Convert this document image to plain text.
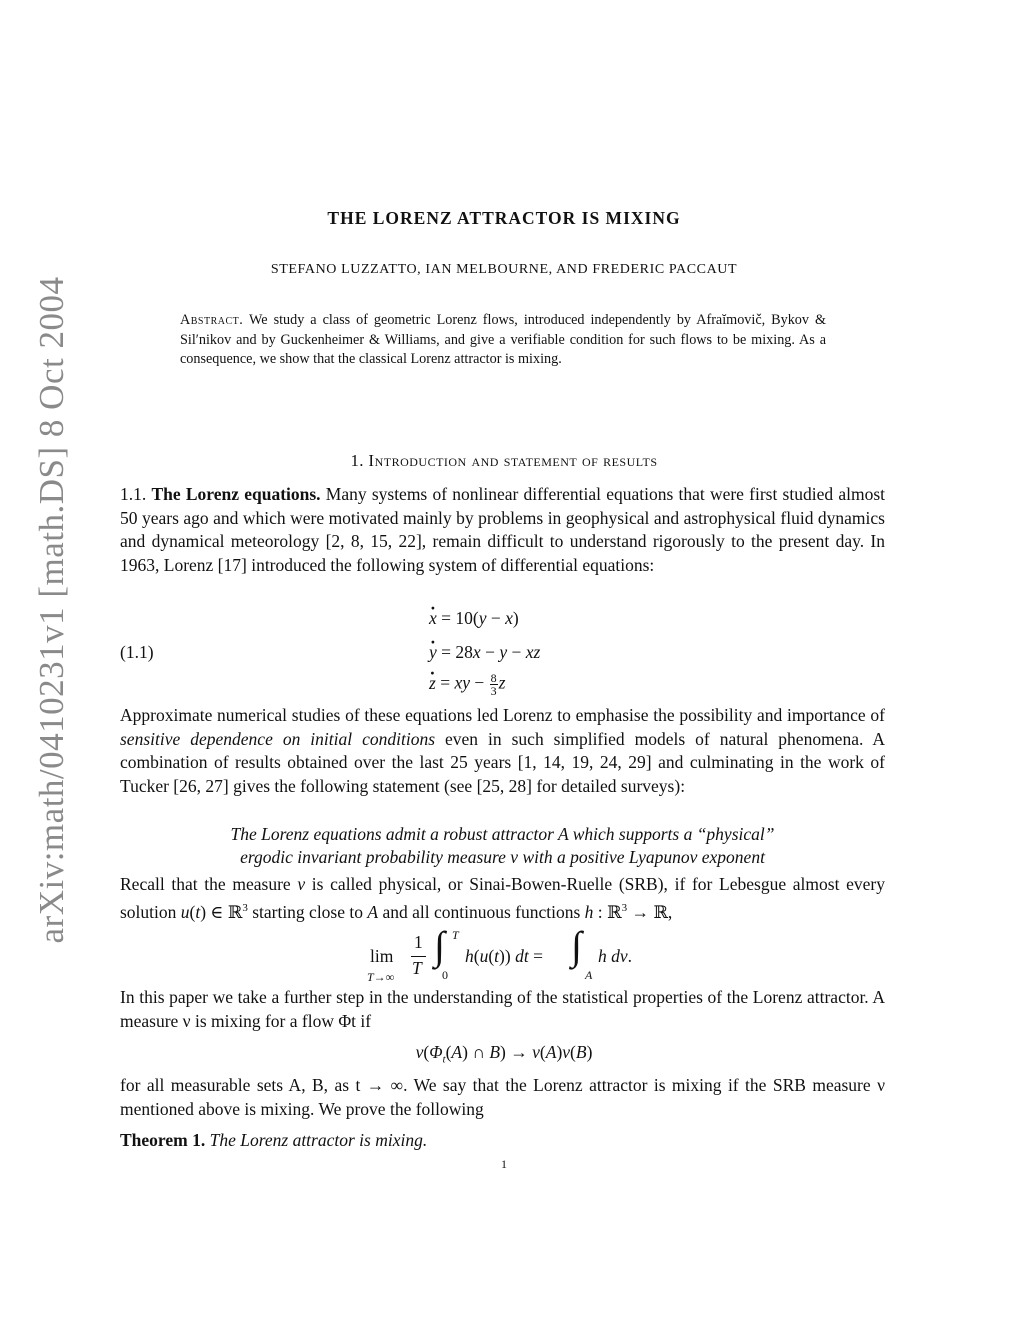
arXiv:math/0410231v1 [math.DS] 8 Oct 2004
THE LORENZ ATTRACTOR IS MIXING
STEFANO LUZZATTO, IAN MELBOURNE, AND FREDERIC PACCAUT
Abstract. We study a class of geometric Lorenz flows, introduced independently by Afraĭmovič, Bykov & Sil′nikov and by Guckenheimer & Williams, and give a verifiable condition for such flows to be mixing. As a consequence, we show that the classical Lorenz attractor is mixing.
1. Introduction and statement of results

1.1. The Lorenz equations. Many systems of nonlinear differential equations that were first studied almost 50 years ago and which were motivated mainly by problems in geophysical and astrophysical fluid dynamics and dynamical meteorology [2, 8, 15, 22], remain difficult to understand rigorously to the present day. In 1963, Lorenz [17] introduced the following system of differential equations:

x · = 10(y − x)
(1.1)	y · = 28x − y − xz
z · = xy − $\frac{8}{3}$ z

Approximate numerical studies of these equations led Lorenz to emphasise the possibility and importance of sensitive dependence on initial conditions even in such simplified models of natural phenomena. A combination of results obtained over the last 25 years [1, 14, 19, 24, 29] and culminating in the work of Tucker [26, 27] gives the following statement (see [25, 28] for detailed surveys):

The Lorenz equations admit a robust attractor A which supports a “physical”
ergodic invariant probability measure ν with a positive Lyapunov exponent

Recall that the measure ν is called physical, or Sinai-Bowen-Ruelle (SRB), if for Lebesgue almost every solution u(t) ∈ ℝ$^3$ starting close to A and all continuous functions h : ℝ$^3$ → ℝ,

lim
T→∞
1
T ∫ T
0
h(u(t)) dt = ∫
A
h dν.

In this paper we take a further step in the understanding of the statistical properties of the Lorenz attractor. A measure ν is mixing for a flow Φt if

$\nu(\Phi_t(A)$ ∩ B) → ν(A)ν(B)

for all measurable sets A, B, as t → ∞. We say that the Lorenz attractor is mixing if the SRB measure ν mentioned above is mixing. We prove the following

Theorem 1. The Lorenz attractor is mixing.
1
